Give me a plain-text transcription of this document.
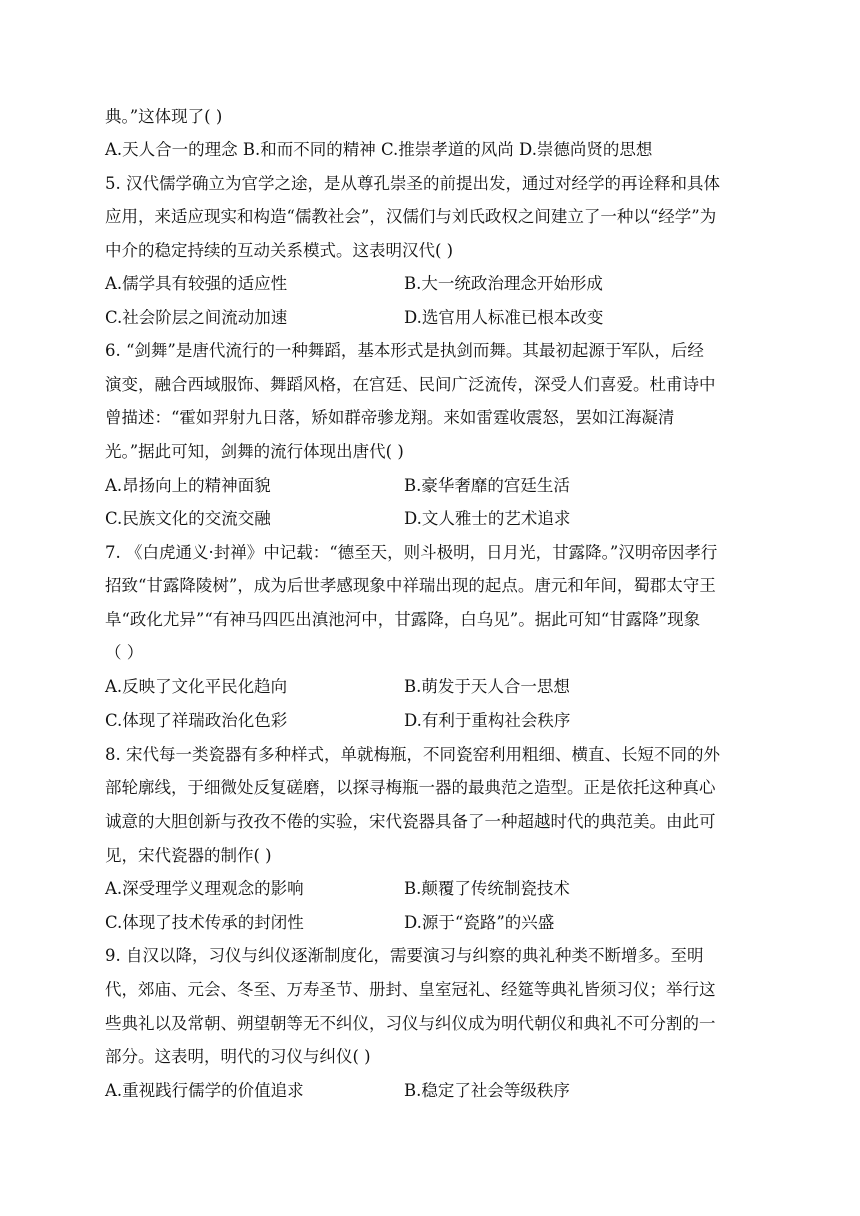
典。”这体现了( )
A.天人合一的理念 B.和而不同的精神 C.推崇孝道的风尚 D.崇德尚贤的思想
5. 汉代儒学确立为官学之途，是从尊孔崇圣的前提出发，通过对经学的再诠释和具体
应用，来适应现实和构造“儒教社会”，汉儒们与刘氏政权之间建立了一种以“经学”为
中介的稳定持续的互动关系模式。这表明汉代( )
A.儒学具有较强的适应性	B.大一统政治理念开始形成
C.社会阶层之间流动加速	D.选官用人标准已根本改变
6. “剑舞”是唐代流行的一种舞蹈，基本形式是执剑而舞。其最初起源于军队，后经
演变，融合西域服饰、舞蹈风格，在宫廷、民间广泛流传，深受人们喜爱。杜甫诗中
曾描述：“霍如羿射九日落，矫如群帝骖龙翔。来如雷霆收震怒，罢如江海凝清
光。”据此可知，剑舞的流行体现出唐代( )
A.昂扬向上的精神面貌	B.豪华奢靡的宫廷生活
C.民族文化的交流交融	D.文人雅士的艺术追求
7. 《白虎通义·封禅》中记载：“德至天，则斗极明，日月光，甘露降。”汉明帝因孝行
招致“甘露降陵树”，成为后世孝感现象中祥瑞出现的起点。唐元和年间，蜀郡太守王
阜“政化尤异”“有神马四匹出滇池河中，甘露降，白乌见”。据此可知“甘露降”现象
（ ）
A.反映了文化平民化趋向	B.萌发于天人合一思想
C.体现了祥瑞政治化色彩	D.有利于重构社会秩序
8. 宋代每一类瓷器有多种样式，单就梅瓶，不同瓷窑利用粗细、横直、长短不同的外
部轮廓线，于细微处反复磋磨，以探寻梅瓶一器的最典范之造型。正是依托这种真心
诚意的大胆创新与孜孜不倦的实验，宋代瓷器具备了一种超越时代的典范美。由此可
见，宋代瓷器的制作( )
A.深受理学义理观念的影响	B.颠覆了传统制瓷技术
C.体现了技术传承的封闭性	D.源于“瓷路”的兴盛
9. 自汉以降，习仪与纠仪逐渐制度化，需要演习与纠察的典礼种类不断增多。至明
代，郊庙、元会、冬至、万寿圣节、册封、皇室冠礼、经筵等典礼皆须习仪；举行这
些典礼以及常朝、朔望朝等无不纠仪，习仪与纠仪成为明代朝仪和典礼不可分割的一
部分。这表明，明代的习仪与纠仪( )
A.重视践行儒学的价值追求	B.稳定了社会等级秩序
